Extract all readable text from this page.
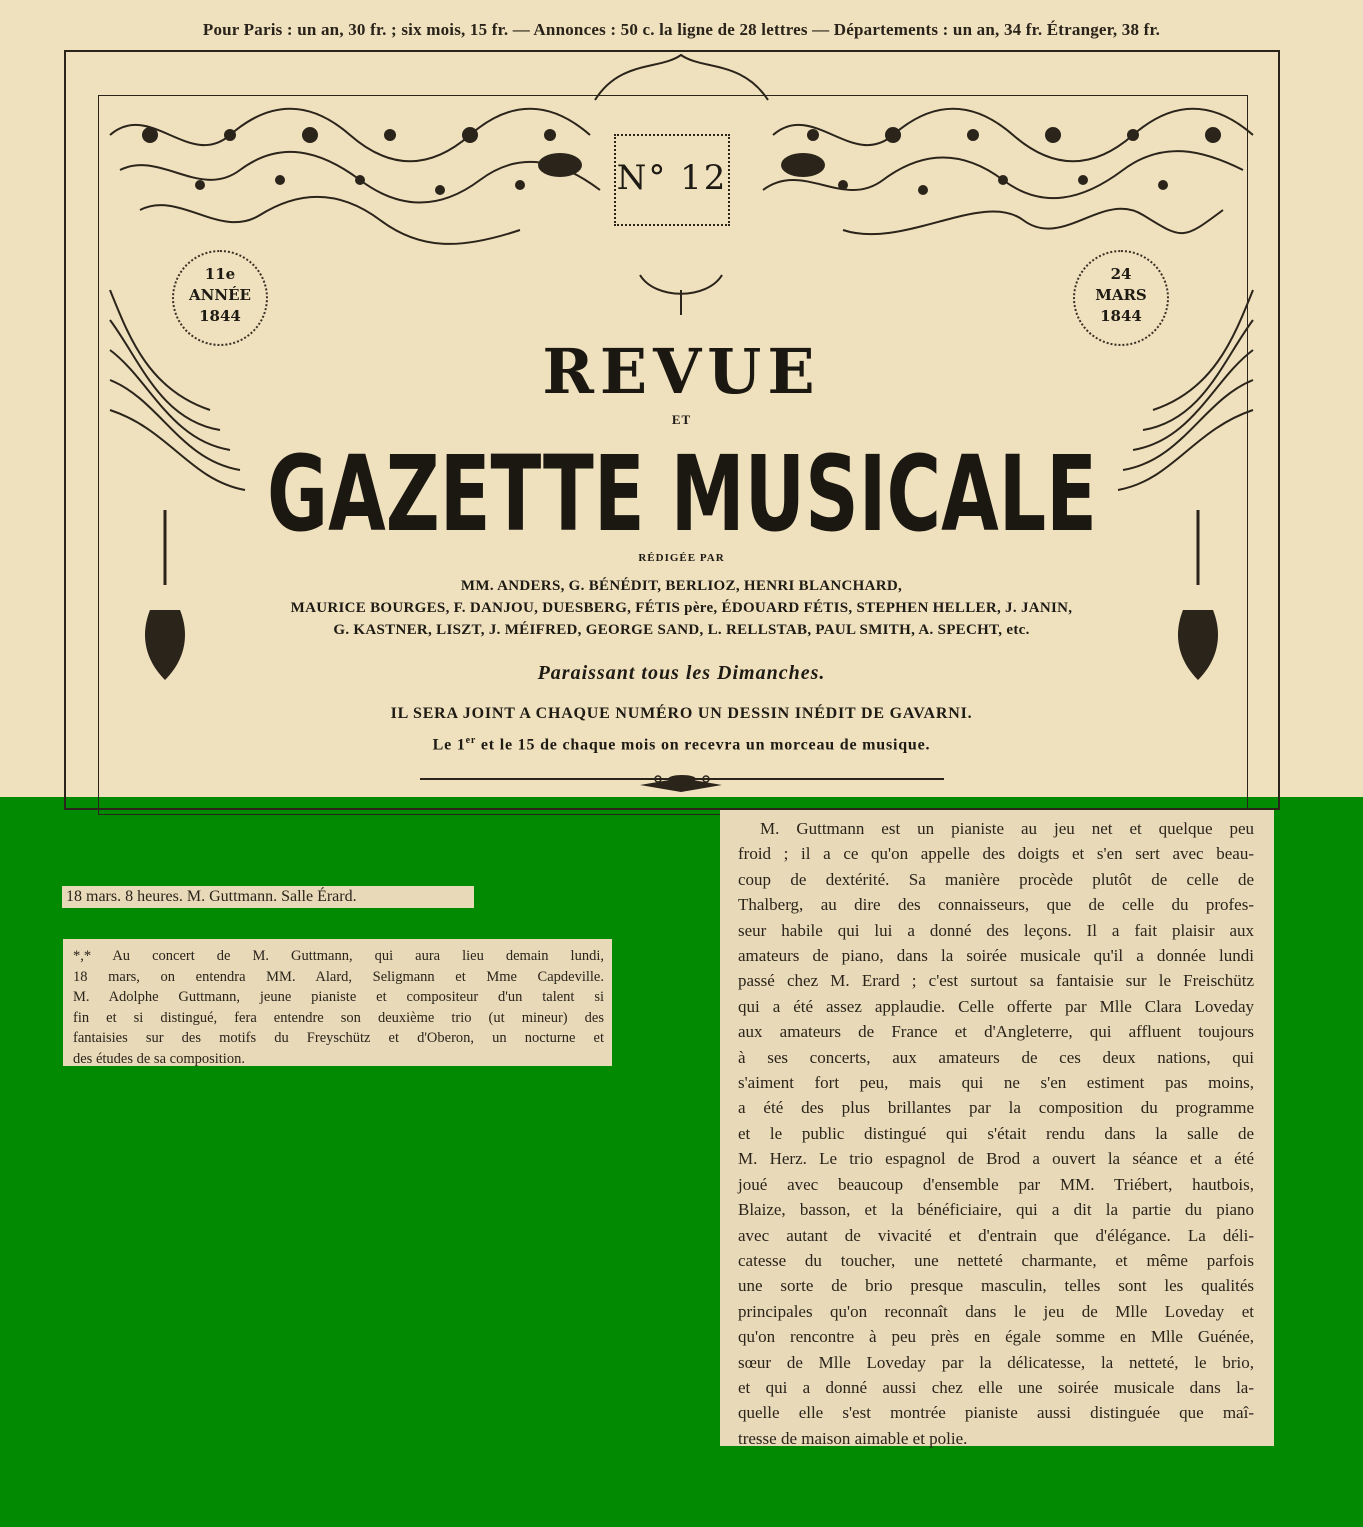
Pour Paris : un an, 30 fr. ; six mois, 15 fr. — Annonces : 50 c. la ligne de 28 lettres — Départements : un an, 34 fr. Étranger, 38 fr.
N° 12
11e
ANNÉE
1844
24
MARS
1844
REVUE
ET
GAZETTE MUSICALE
RÉDIGÉE PAR
MM. ANDERS, G. BÉNÉDIT, BERLIOZ, HENRI BLANCHARD,
MAURICE BOURGES, F. DANJOU, DUESBERG, FÉTIS père, ÉDOUARD FÉTIS, STEPHEN HELLER, J. JANIN,
G. KASTNER, LISZT, J. MÉIFRED, GEORGE SAND, L. RELLSTAB, PAUL SMITH, A. SPECHT, etc.
Paraissant tous les Dimanches.
IL SERA JOINT A CHAQUE NUMÉRO UN DESSIN INÉDIT DE GAVARNI.
Le 1er et le 15 de chaque mois on recevra un morceau de musique.
18 mars. 8 heures. M. Guttmann. Salle Érard.
*,* Au concert de M. Guttmann, qui aura lieu demain lundi,
18 mars, on entendra MM. Alard, Seligmann et Mme Capdeville.
M. Adolphe Guttmann, jeune pianiste et compositeur d'un talent si
fin et si distingué, fera entendre son deuxième trio (ut mineur) des
fantaisies sur des motifs du Freyschütz et d'Oberon, un nocturne et
des études de sa composition.
M. Guttmann est un pianiste au jeu net et quelque peu
froid ; il a ce qu'on appelle des doigts et s'en sert avec beau-
coup de dextérité. Sa manière procède plutôt de celle de
Thalberg, au dire des connaisseurs, que de celle du profes-
seur habile qui lui a donné des leçons. Il a fait plaisir aux
amateurs de piano, dans la soirée musicale qu'il a donnée lundi
passé chez M. Erard ; c'est surtout sa fantaisie sur le Freischütz
qui a été assez applaudie. Celle offerte par Mlle Clara Loveday
aux amateurs de France et d'Angleterre, qui affluent toujours
à ses concerts, aux amateurs de ces deux nations, qui
s'aiment fort peu, mais qui ne s'en estiment pas moins,
a été des plus brillantes par la composition du programme
et le public distingué qui s'était rendu dans la salle de
M. Herz. Le trio espagnol de Brod a ouvert la séance et a été
joué avec beaucoup d'ensemble par MM. Triébert, hautbois,
Blaize, basson, et la bénéficiaire, qui a dit la partie du piano
avec autant de vivacité et d'entrain que d'élégance. La déli-
catesse du toucher, une netteté charmante, et même parfois
une sorte de brio presque masculin, telles sont les qualités
principales qu'on reconnaît dans le jeu de Mlle Loveday et
qu'on rencontre à peu près en égale somme en Mlle Guénée,
sœur de Mlle Loveday par la délicatesse, la netteté, le brio,
et qui a donné aussi chez elle une soirée musicale dans la-
quelle elle s'est montrée pianiste aussi distinguée que maî-
tresse de maison aimable et polie.
